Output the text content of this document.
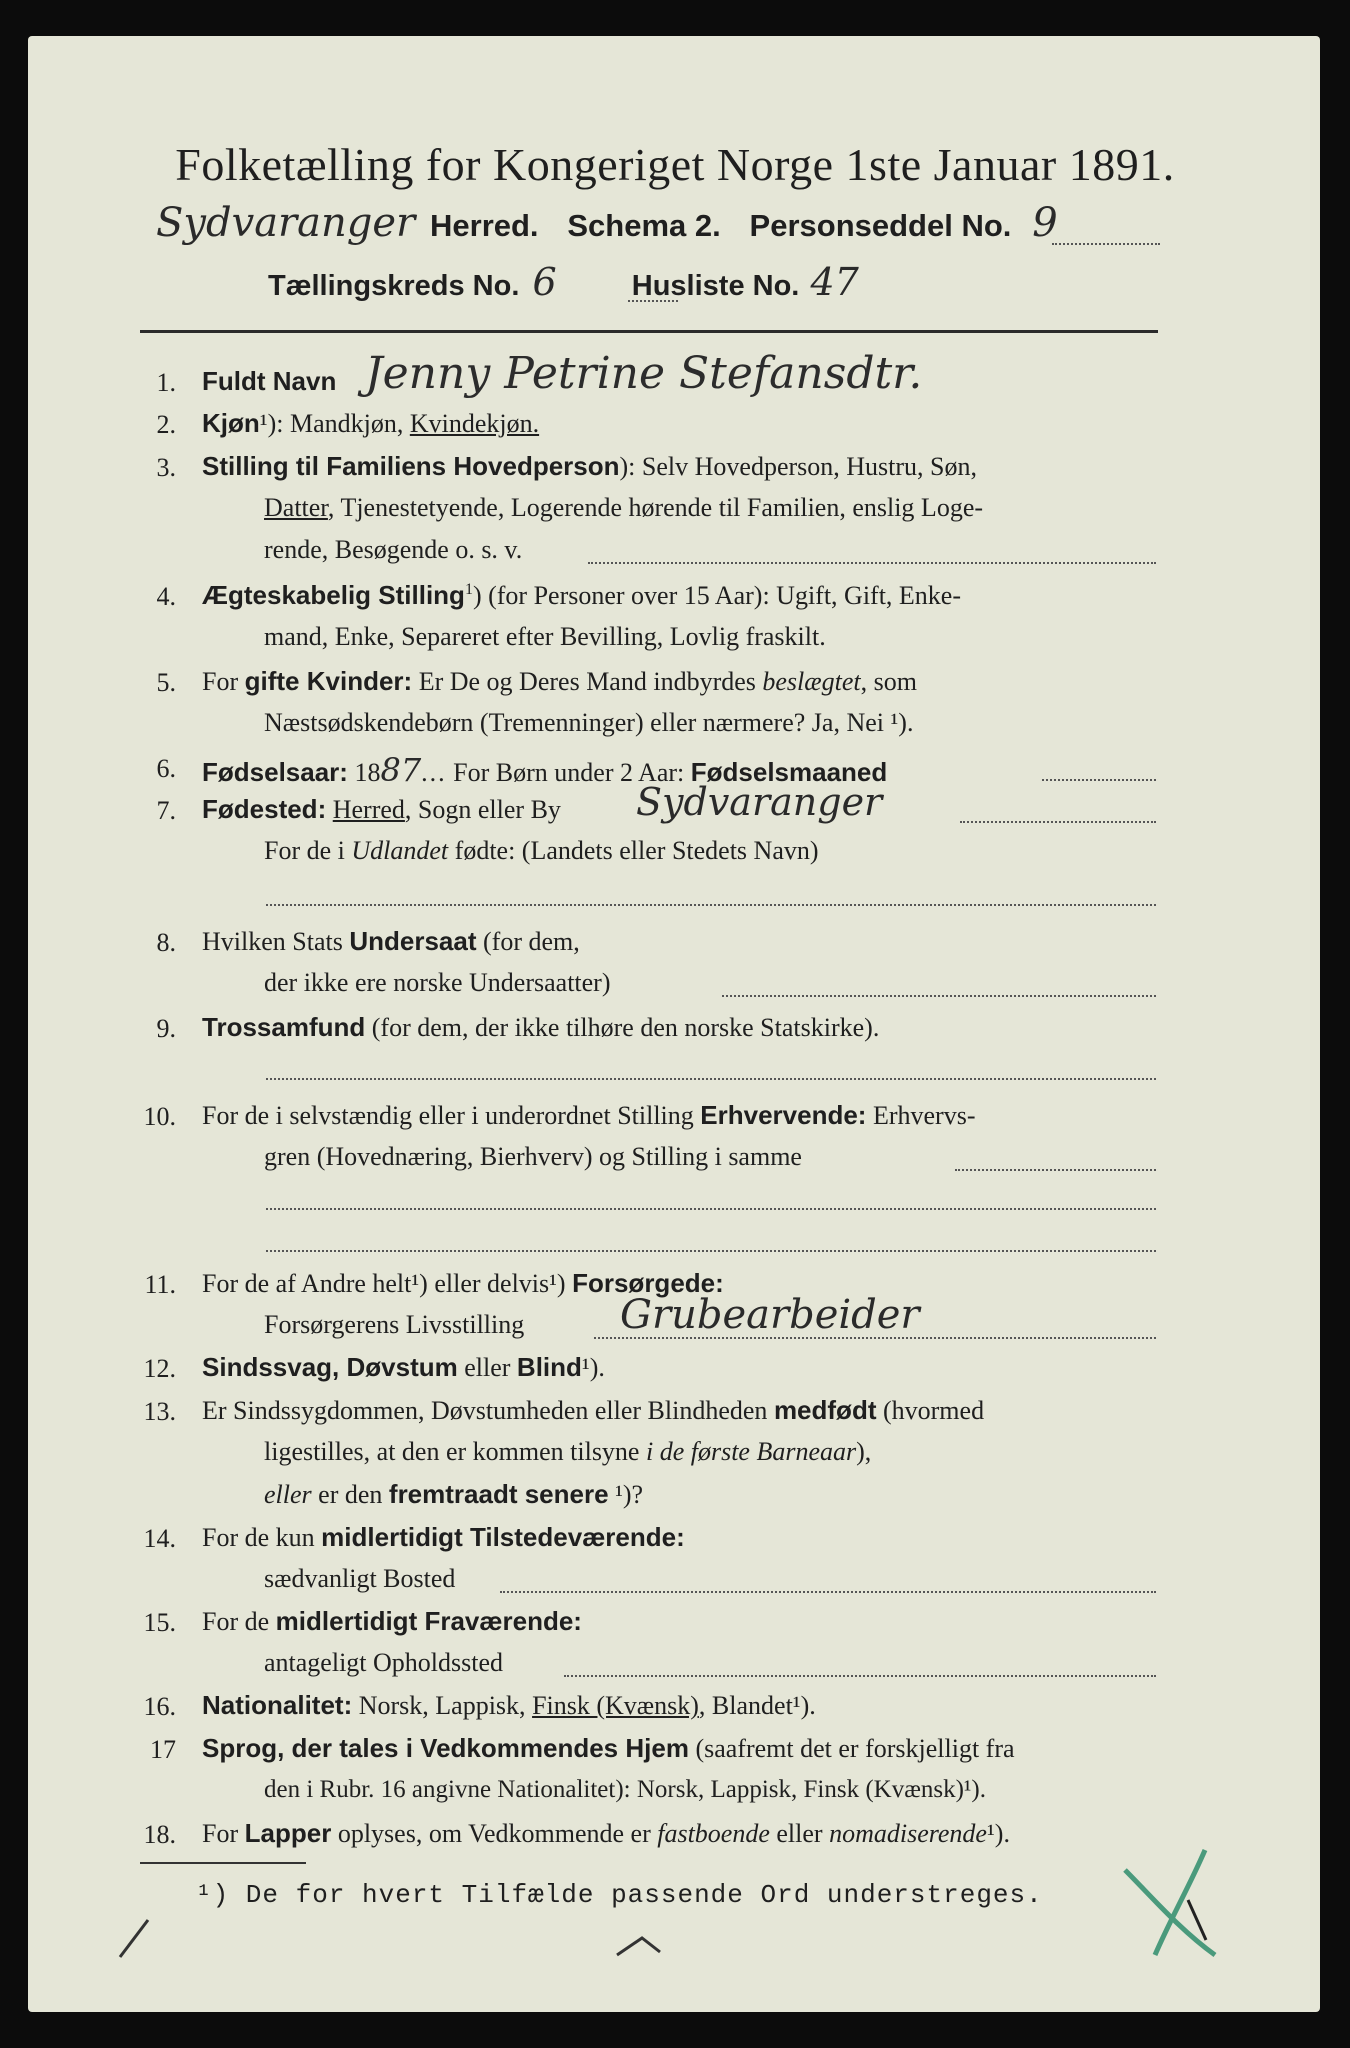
Folketælling for Kongeriget Norge 1ste Januar 1891.
Sydvaranger Herred. Schema 2. Personseddel No. 9
Tællingskreds No. 6	Husliste No. 47
1. Fuldt Navn Jenny Petrine Stefansdtr.
2. Kjøn¹): Mandkjøn, Kvindekjøn.
3. Stilling til Familiens Hovedperson): Selv Hovedperson, Hustru, Søn,
Datter, Tjenestetyende, Logerende hørende til Familien, enslig Loge-
rende, Besøgende o. s. v.
4. Ægteskabelig Stilling$^1$) (for Personer over 15 Aar): Ugift, Gift, Enke-
mand, Enke, Separeret efter Bevilling, Lovlig fraskilt.
5. For gifte Kvinder: Er De og Deres Mand indbyrdes beslægtet, som
Næstsødskendebørn (Tremenninger) eller nærmere? Ja, Nei ¹).
6. Fødselsaar: 1887... For Børn under 2 Aar: Fødselsmaaned
7. Fødested: Herred, Sogn eller By Sydvaranger
For de i Udlandet fødte: (Landets eller Stedets Navn)
8. Hvilken Stats Undersaat (for dem,
der ikke ere norske Undersaatter)
9. Trossamfund (for dem, der ikke tilhøre den norske Statskirke).
10. For de i selvstændig eller i underordnet Stilling Erhvervende: Erhvervs-
gren (Hovednæring, Bierhverv) og Stilling i samme
11. For de af Andre helt¹) eller delvis¹) Forsørgede:
Forsørgerens Livsstilling Grubearbeider
12. Sindssvag, Døvstum eller Blind¹).
13. Er Sindssygdommen, Døvstumheden eller Blindheden medfødt (hvormed
ligestilles, at den er kommen tilsyne i de første Barneaar),
eller er den fremtraadt senere ¹)?
14. For de kun midlertidigt Tilstedeværende:
sædvanligt Bosted
15. For de midlertidigt Fraværende:
antageligt Opholdssted
16. Nationalitet: Norsk, Lappisk, Finsk (Kvænsk), Blandet¹).
17 Sprog, der tales i Vedkommendes Hjem (saafremt det er forskjelligt fra
den i Rubr. 16 angivne Nationalitet): Norsk, Lappisk, Finsk (Kvænsk)¹).
18. For Lapper oplyses, om Vedkommende er fastboende eller nomadiserende¹).
¹) De for hvert Tilfælde passende Ord understreges.
